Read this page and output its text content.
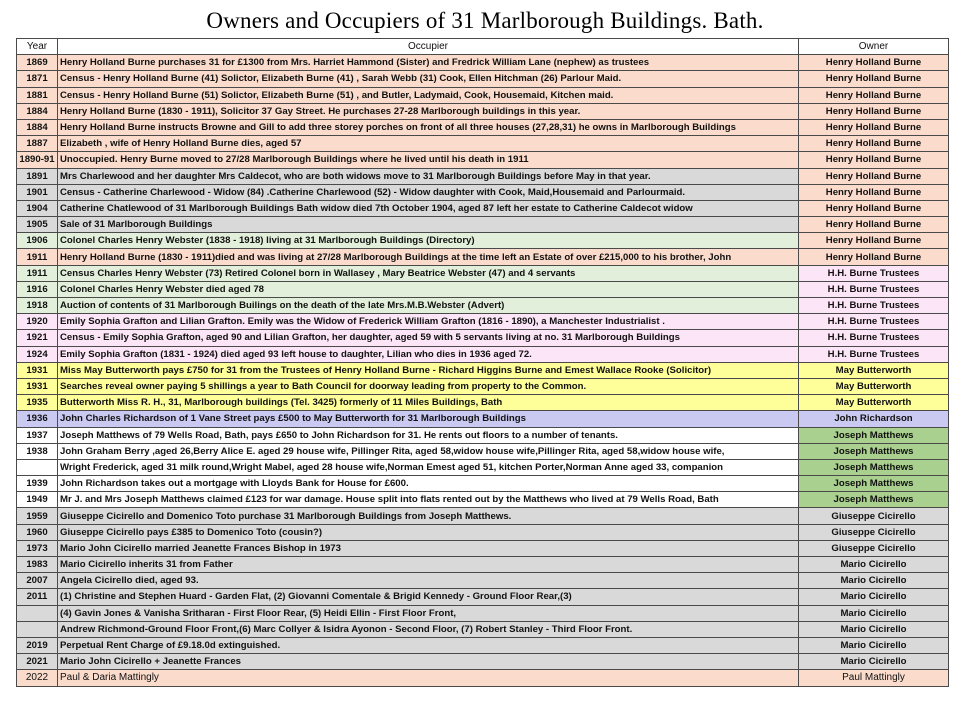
Owners and Occupiers of 31 Marlborough Buildings. Bath.
Year	Occupier	Owner
1869	Henry Holland Burne purchases 31 for £1300 from Mrs. Harriet Hammond (Sister) and Fredrick William Lane (nephew) as trustees	Henry Holland Burne
1871	Census - Henry Holland Burne (41) Solictor, Elizabeth Burne (41) , Sarah Webb (31) Cook, Ellen Hitchman (26) Parlour Maid.	Henry Holland Burne
1881	Census - Henry Holland Burne (51) Solictor, Elizabeth Burne (51) , and Butler, Ladymaid, Cook, Housemaid, Kitchen maid.	Henry Holland Burne
1884	Henry Holland Burne (1830 - 1911), Solicitor 37 Gay Street. He purchases 27-28 Marlborough buildings in this year.	Henry Holland Burne
1884	Henry Holland Burne instructs Browne and Gill to add three storey porches on front of all three houses (27,28,31) he owns in Marlborough Buildings	Henry Holland Burne
1887	Elizabeth , wife of Henry Holland Burne dies, aged 57	Henry Holland Burne
1890-91	Unoccupied. Henry Burne moved to 27/28 Marlborough Buildings where he lived until his death in 1911	Henry Holland Burne
1891	Mrs Charlewood and her daughter Mrs Caldecot, who are both widows move to 31 Marlborough Buildings before May in that year.	Henry Holland Burne
1901	Census - Catherine Charlewood - Widow (84) .Catherine Charlewood (52) - Widow daughter with Cook, Maid,Housemaid and Parlourmaid.	Henry Holland Burne
1904	Catherine Chatlewood of 31 Marlborough Buildings Bath widow died 7th October 1904, aged 87 left her estate to Catherine Caldecot widow	Henry Holland Burne
1905	Sale of 31 Marlborough Buildings	Henry Holland Burne
1906	Colonel Charles Henry Webster (1838 - 1918) living at 31 Marlborough Buildings (Directory)	Henry Holland Burne
1911	Henry Holland Burne (1830 - 1911)died and was living at 27/28 Marlborough Buildings at the time left an Estate of over £215,000 to his brother, John	Henry Holland Burne
1911	Census Charles Henry Webster (73) Retired Colonel born in Wallasey , Mary Beatrice Webster (47) and 4 servants	H.H. Burne Trustees
1916	Colonel Charles Henry Webster died aged 78	H.H. Burne Trustees
1918	Auction of contents of 31 Marlborough Builings on the death of the late Mrs.M.B.Webster (Advert)	H.H. Burne Trustees
1920	Emily Sophia Grafton and Lilian Grafton. Emily was the Widow of Frederick William Grafton (1816 - 1890), a Manchester Industrialist .	H.H. Burne Trustees
1921	Census - Emily Sophia Grafton, aged 90 and Lilian Grafton, her daughter, aged 59 with 5 servants living at no. 31 Marlborough Buildings	H.H. Burne Trustees
1924	Emily Sophia Grafton (1831 - 1924) died aged 93 left house to daughter, Lilian who dies in 1936 aged 72.	H.H. Burne Trustees
1931	Miss May Butterworth pays £750 for 31 from the Trustees of Henry Holland Burne - Richard Higgins Burne and Emest Wallace Rooke (Solicitor)	May Butterworth
1931	Searches reveal owner paying 5 shillings a year to Bath Council for doorway leading from property to the Common.	May Butterworth
1935	Butterworth Miss R. H., 31, Marlborough buildings (Tel. 3425) formerly of 11 Miles Buildings, Bath	May Butterworth
1936	John Charles Richardson of 1 Vane Street pays £500 to May Butterworth for 31 Marlborough Buildings	John Richardson
1937	Joseph Matthews of 79 Wells Road, Bath, pays £650 to John Richardson for 31. He rents out floors to a number of tenants.	Joseph Matthews
1938	John Graham Berry ,aged 26,Berry Alice E. aged 29 house wife, Pillinger Rita, aged 58,widow house wife,Pillinger Rita, aged 58,widow house wife,	Joseph Matthews
	Wright Frederick, aged 31 milk round,Wright Mabel, aged 28 house wife,Norman Emest aged 51, kitchen Porter,Norman Anne aged 33, companion	Joseph Matthews
1939	John Richardson takes out a mortgage with Lloyds Bank for House for £600.	Joseph Matthews
1949	Mr J. and Mrs Joseph Matthews claimed £123 for war damage. House split into flats rented out by the Matthews who lived at 79 Wells Road, Bath	Joseph Matthews
1959	Giuseppe Cicirello and Domenico Toto purchase 31 Marlborough Buildings from Joseph Matthews.	Giuseppe Cicirello
1960	Giuseppe Cicirello pays £385 to Domenico Toto (cousin?)	Giuseppe Cicirello
1973	Mario John Cicirello married Jeanette Frances Bishop in 1973	Giuseppe Cicirello
1983	Mario Cicirello inherits 31 from Father	Mario Cicirello
2007	Angela Cicirello died, aged 93.	Mario Cicirello
2011	(1) Christine and Stephen Huard - Garden Flat, (2) Giovanni Comentale & Brigid Kennedy - Ground Floor Rear,(3)	Mario Cicirello
	(4) Gavin Jones & Vanisha Sritharan - First Floor Rear, (5) Heidi Ellin - First Floor Front,	Mario Cicirello
	Andrew Richmond-Ground Floor Front,(6) Marc Collyer & Isidra Ayonon - Second Floor, (7) Robert Stanley - Third Floor Front.	Mario Cicirello
2019	Perpetual Rent Charge of £9.18.0d extinguished.	Mario Cicirello
2021	Mario John Cicirello + Jeanette Frances	Mario Cicirello
2022	Paul & Daria Mattingly	Paul Mattingly
